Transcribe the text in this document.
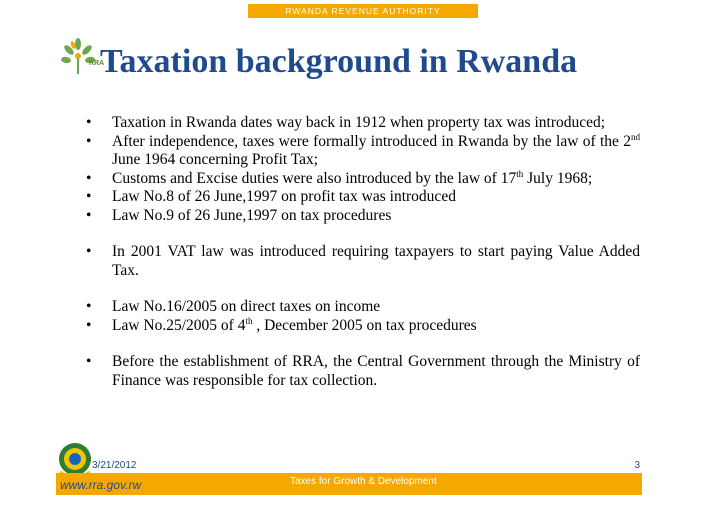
RWANDA REVENUE AUTHORITY
RRA
Taxation background in Rwanda
• Taxation in Rwanda dates way back in 1912 when property tax was introduced;
• After independence, taxes were formally introduced in Rwanda by the law of the 2nd June 1964 concerning Profit Tax;
• Customs and Excise duties were also introduced by the law of 17th July 1968;
• Law No.8 of 26 June,1997 on profit tax was introduced
• Law No.9 of 26 June,1997 on tax procedures
• In 2001 VAT law was introduced requiring taxpayers to start paying Value Added Tax.
• Law No.16/2005 on direct taxes on income
• Law No.25/2005 of 4th , December 2005 on tax procedures
• Before the establishment of RRA, the Central Government through the Ministry of Finance was responsible for tax collection.
3/21/2012	3
www.rra.gov.rw	Taxes for Growth & Development
